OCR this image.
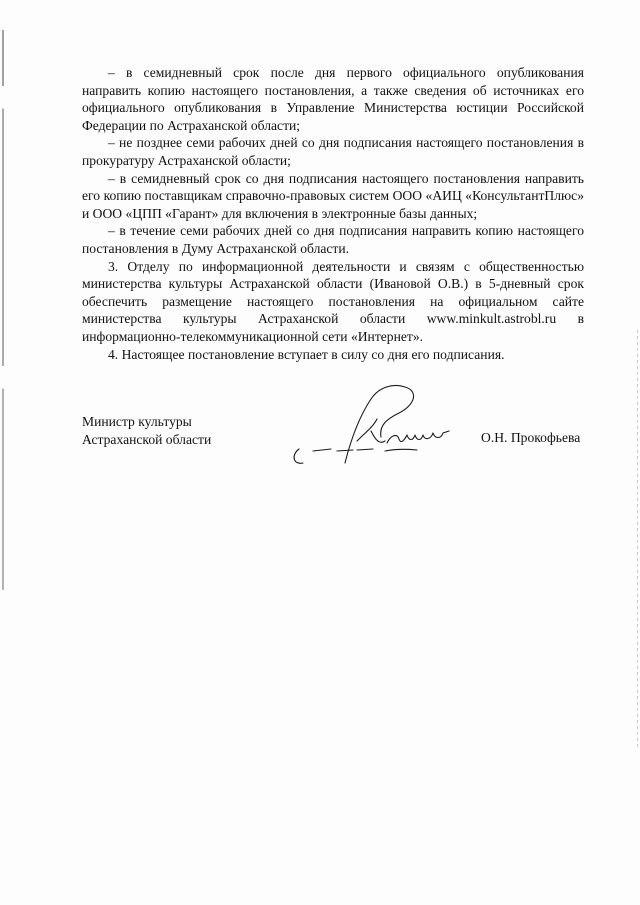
– в семидневный срок после дня первого официального опубликования направить копию настоящего постановления, а также сведения об источниках его официального опубликования в Управление Министерства юстиции Российской Федерации по Астраханской области;

– не позднее семи рабочих дней со дня подписания настоящего постановления в прокуратуру Астраханской области;

– в семидневный срок со дня подписания настоящего постановления направить его копию поставщикам справочно-правовых систем ООО «АИЦ «КонсультантПлюс» и ООО «ЦПП «Гарант» для включения в электронные базы данных;

– в течение семи рабочих дней со дня подписания направить копию настоящего постановления в Думу Астраханской области.

3. Отделу по информационной деятельности и связям с общественностью министерства культуры Астраханской области (Ивановой О.В.) в 5-дневный срок обеспечить размещение настоящего постановления на официальном сайте министерства культуры Астраханской области www.minkult.astrobl.ru в информационно-телекоммуникационной сети «Интернет».

4. Настоящее постановление вступает в силу со дня его подписания.

Министр культуры
Астраханской области	О.Н. Прокофьева
